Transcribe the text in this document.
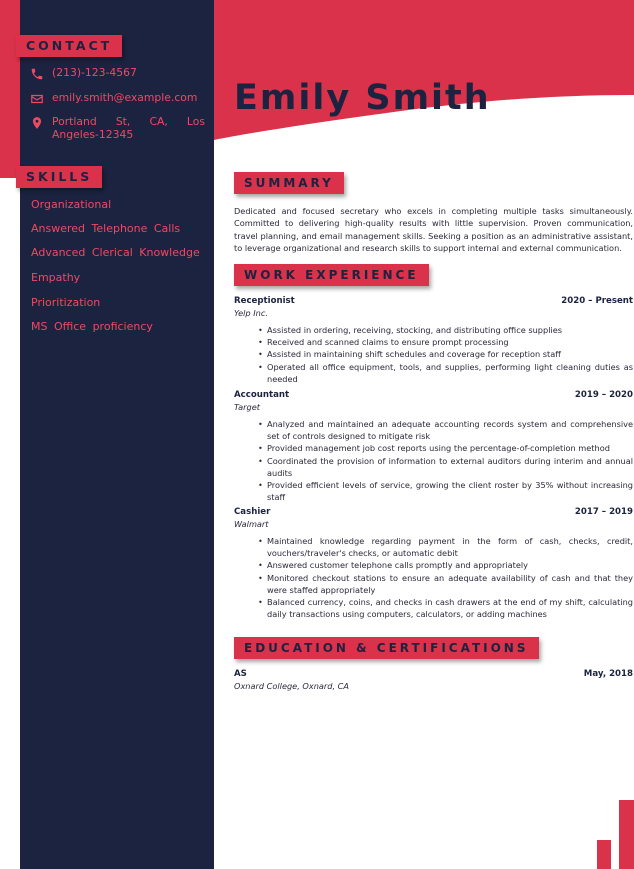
CONTACT
(213)-123-4567
emily.smith@example.com
Portland St, CA, Los Angeles-12345
SKILLS
Organizational
Answered Telephone Calls
Advanced Clerical Knowledge
Empathy
Prioritization
MS Office proficiency
Emily Smith
SUMMARY

Dedicated and focused secretary who excels in completing multiple tasks simultaneously. Committed to delivering high-quality results with little supervision. Proven communication, travel planning, and email management skills. Seeking a position as an administrative assistant, to leverage organizational and research skills to support internal and external communication.

WORK EXPERIENCE
Receptionist	2020 – Present
Yelp Inc.
• Assisted in ordering, receiving, stocking, and distributing office supplies
• Received and scanned claims to ensure prompt processing
• Assisted in maintaining shift schedules and coverage for reception staff
• Operated all office equipment, tools, and supplies, performing light cleaning duties as needed
Accountant	2019 – 2020
Target
• Analyzed and maintained an adequate accounting records system and comprehensive set of controls designed to mitigate risk
• Provided management job cost reports using the percentage-of-completion method
• Coordinated the provision of information to external auditors during interim and annual audits
• Provided efficient levels of service, growing the client roster by 35% without increasing staff
Cashier	2017 – 2019
Walmart
• Maintained knowledge regarding payment in the form of cash, checks, credit, vouchers/traveler's checks, or automatic debit
• Answered customer telephone calls promptly and appropriately
• Monitored checkout stations to ensure an adequate availability of cash and that they were staffed appropriately
• Balanced currency, coins, and checks in cash drawers at the end of my shift, calculating daily transactions using computers, calculators, or adding machines
EDUCATION & CERTIFICATIONS
AS	May, 2018
Oxnard College, Oxnard, CA
